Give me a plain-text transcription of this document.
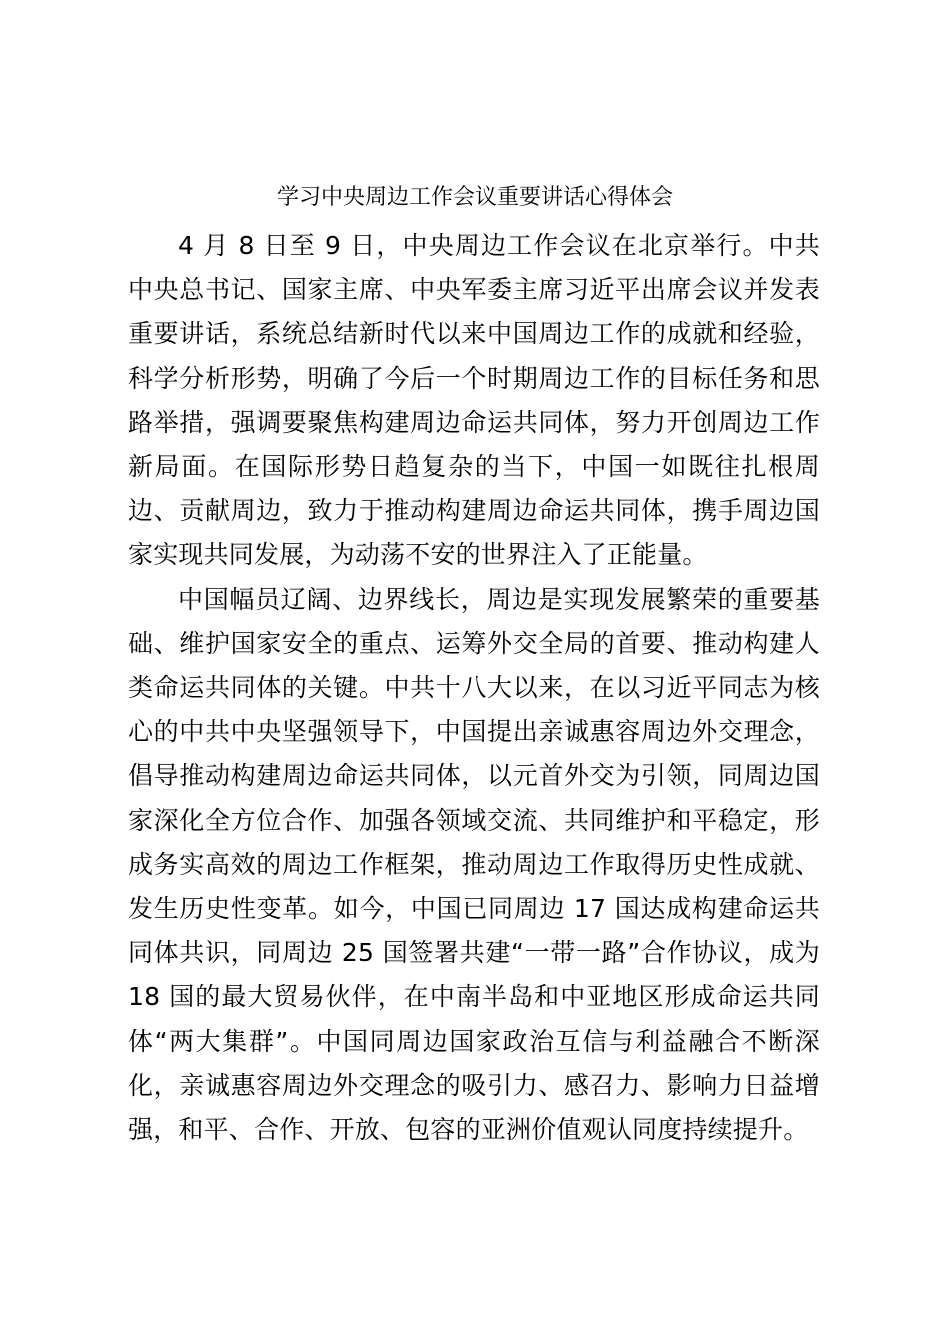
学习中央周边工作会议重要讲话心得体会

4 月 8 日至 9 日，中央周边工作会议在北京举行。中共中央总书记、国家主席、中央军委主席习近平出席会议并发表重要讲话，系统总结新时代以来中国周边工作的成就和经验，科学分析形势，明确了今后一个时期周边工作的目标任务和思路举措，强调要聚焦构建周边命运共同体，努力开创周边工作新局面。在国际形势日趋复杂的当下，中国一如既往扎根周边、贡献周边，致力于推动构建周边命运共同体，携手周边国家实现共同发展，为动荡不安的世界注入了正能量。

中国幅员辽阔、边界线长，周边是实现发展繁荣的重要基础、维护国家安全的重点、运筹外交全局的首要、推动构建人类命运共同体的关键。中共十八大以来，在以习近平同志为核心的中共中央坚强领导下，中国提出亲诚惠容周边外交理念，倡导推动构建周边命运共同体，以元首外交为引领，同周边国家深化全方位合作、加强各领域交流、共同维护和平稳定，形成务实高效的周边工作框架，推动周边工作取得历史性成就、发生历史性变革。如今，中国已同周边 17 国达成构建命运共同体共识，同周边 25 国签署共建“一带一路”合作协议，成为 18 国的最大贸易伙伴，在中南半岛和中亚地区形成命运共同体“两大集群”。中国同周边国家政治互信与利益融合不断深化，亲诚惠容周边外交理念的吸引力、感召力、影响力日益增强，和平、合作、开放、包容的亚洲价值观认同度持续提升。
